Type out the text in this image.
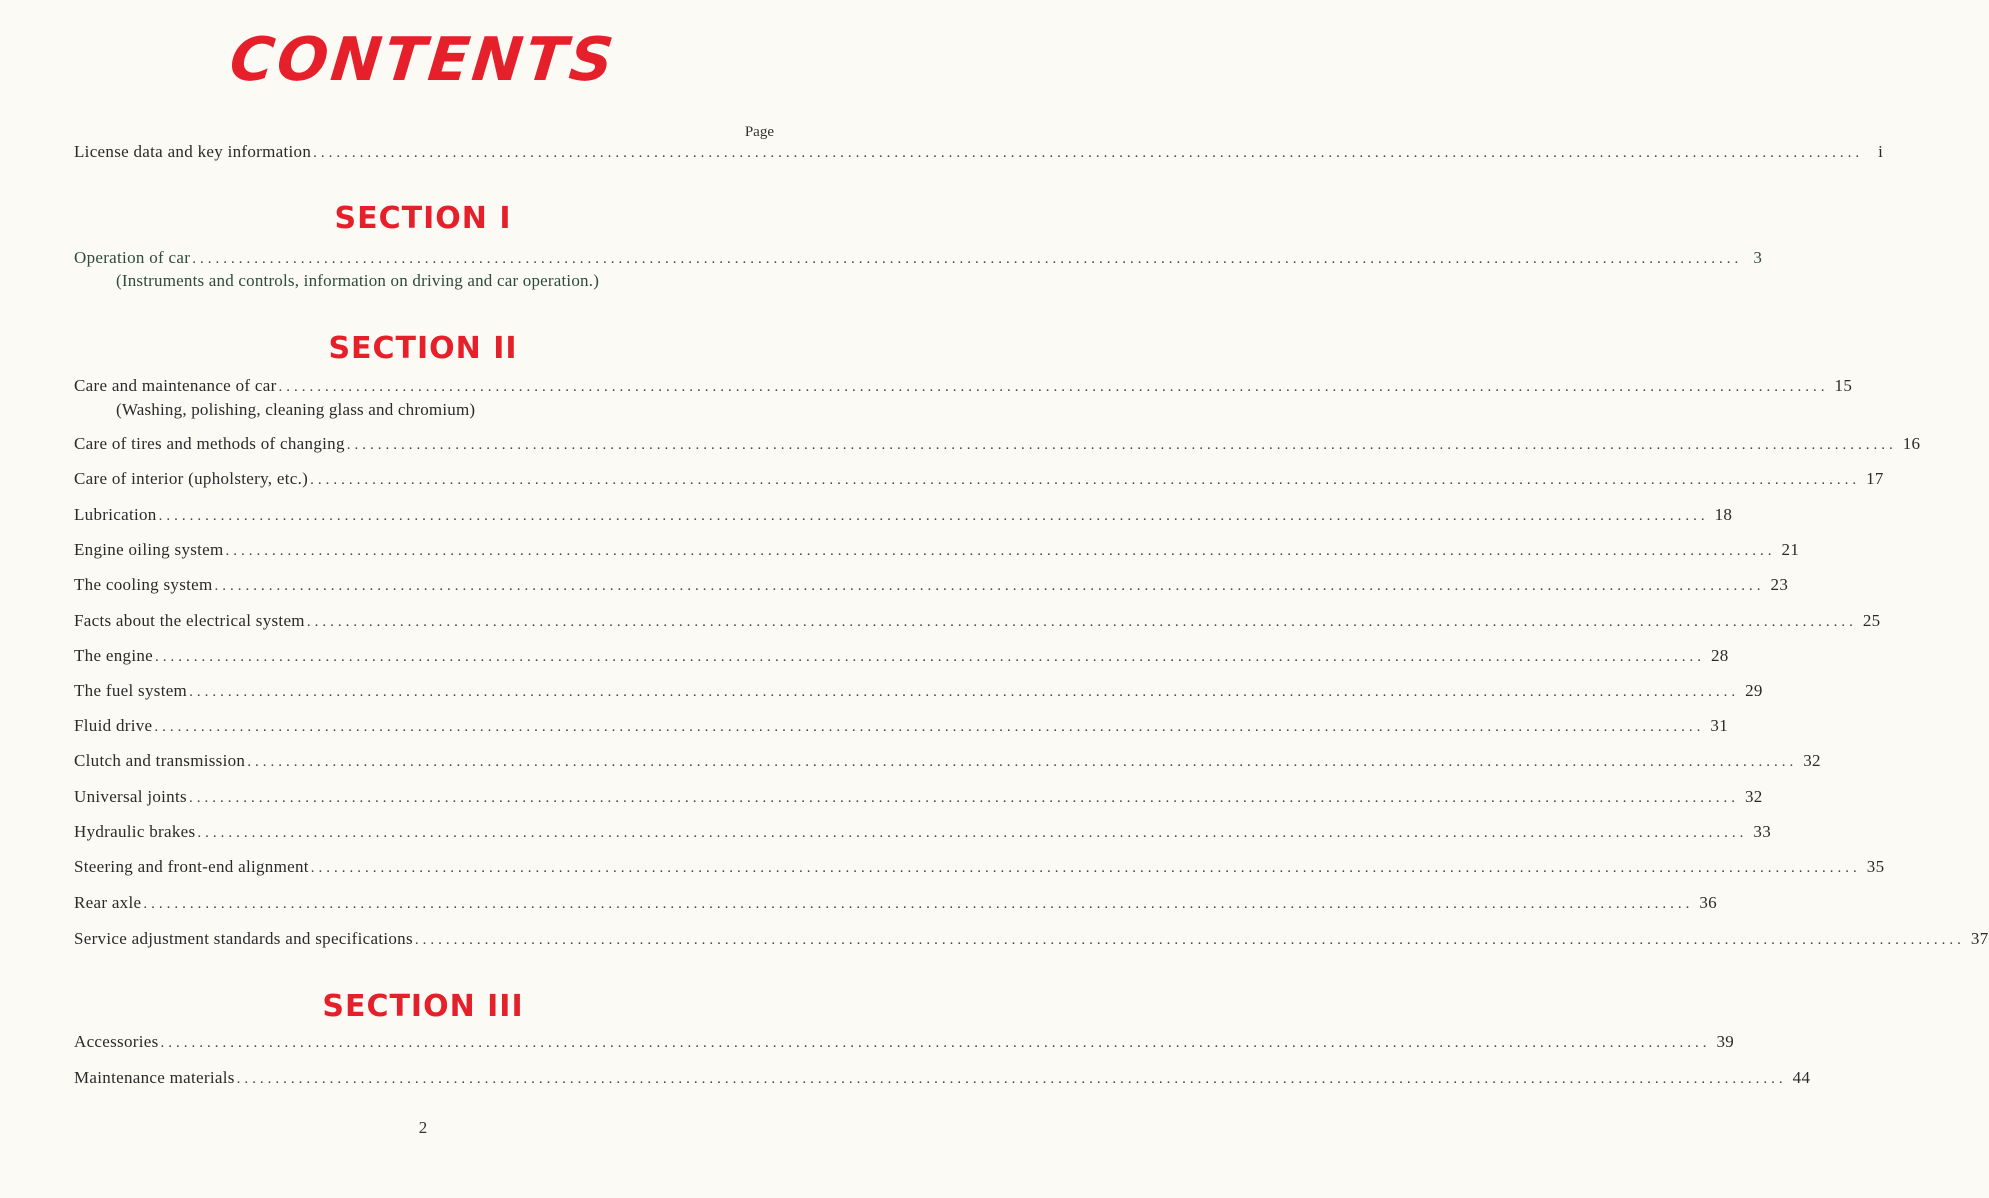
CONTENTS
Page
License data and key information ........................................................................................................................................................................................................ i
SECTION I
Operation of car ........................................................................................................................................................................................................ 3
(Instruments and controls, information on driving and car operation.)
SECTION II
Care and maintenance of car ........................................................................................................................................................................................................ 15
(Washing, polishing, cleaning glass and chromium)
Care of tires and methods of changing ........................................................................................................................................................................................................ 16
Care of interior (upholstery, etc.) ........................................................................................................................................................................................................ 17
Lubrication ........................................................................................................................................................................................................ 18
Engine oiling system ........................................................................................................................................................................................................ 21
The cooling system ........................................................................................................................................................................................................ 23
Facts about the electrical system ........................................................................................................................................................................................................ 25
The engine ........................................................................................................................................................................................................ 28
The fuel system ........................................................................................................................................................................................................ 29
Fluid drive ........................................................................................................................................................................................................ 31
Clutch and transmission ........................................................................................................................................................................................................ 32
Universal joints ........................................................................................................................................................................................................ 32
Hydraulic brakes ........................................................................................................................................................................................................ 33
Steering and front-end alignment ........................................................................................................................................................................................................ 35
Rear axle ........................................................................................................................................................................................................ 36
Service adjustment standards and specifications ........................................................................................................................................................................................................ 37
SECTION III
Accessories ........................................................................................................................................................................................................ 39
Maintenance materials ........................................................................................................................................................................................................ 44
2
